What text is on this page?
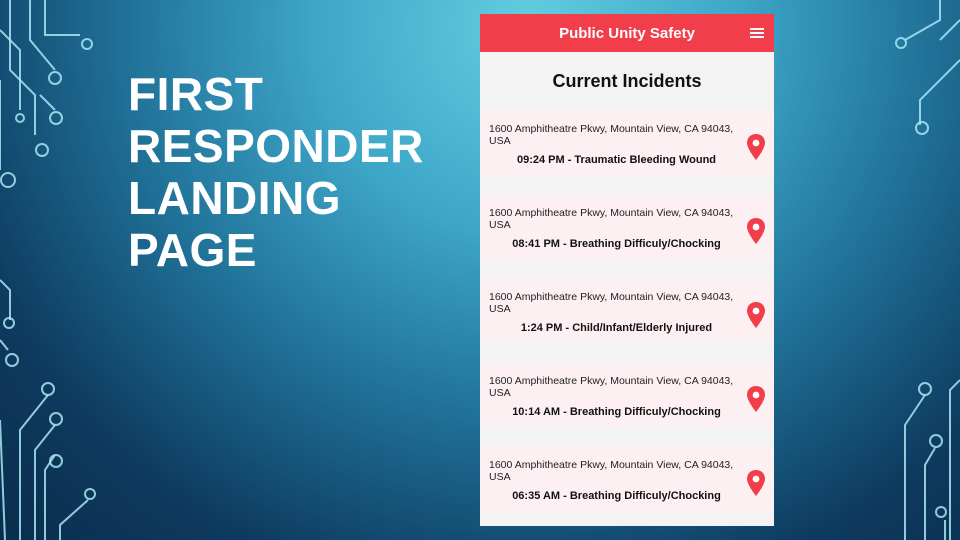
FIRST
RESPONDER
LANDING
PAGE
Public Unity Safety
Current Incidents
1600 Amphitheatre Pkwy, Mountain View, CA 94043, USA
09:24 PM - Traumatic Bleeding Wound
1600 Amphitheatre Pkwy, Mountain View, CA 94043, USA
08:41 PM - Breathing Difficuly/Chocking
1600 Amphitheatre Pkwy, Mountain View, CA 94043, USA
1:24 PM - Child/Infant/Elderly Injured
1600 Amphitheatre Pkwy, Mountain View, CA 94043, USA
10:14 AM - Breathing Difficuly/Chocking
1600 Amphitheatre Pkwy, Mountain View, CA 94043, USA
06:35 AM - Breathing Difficuly/Chocking
